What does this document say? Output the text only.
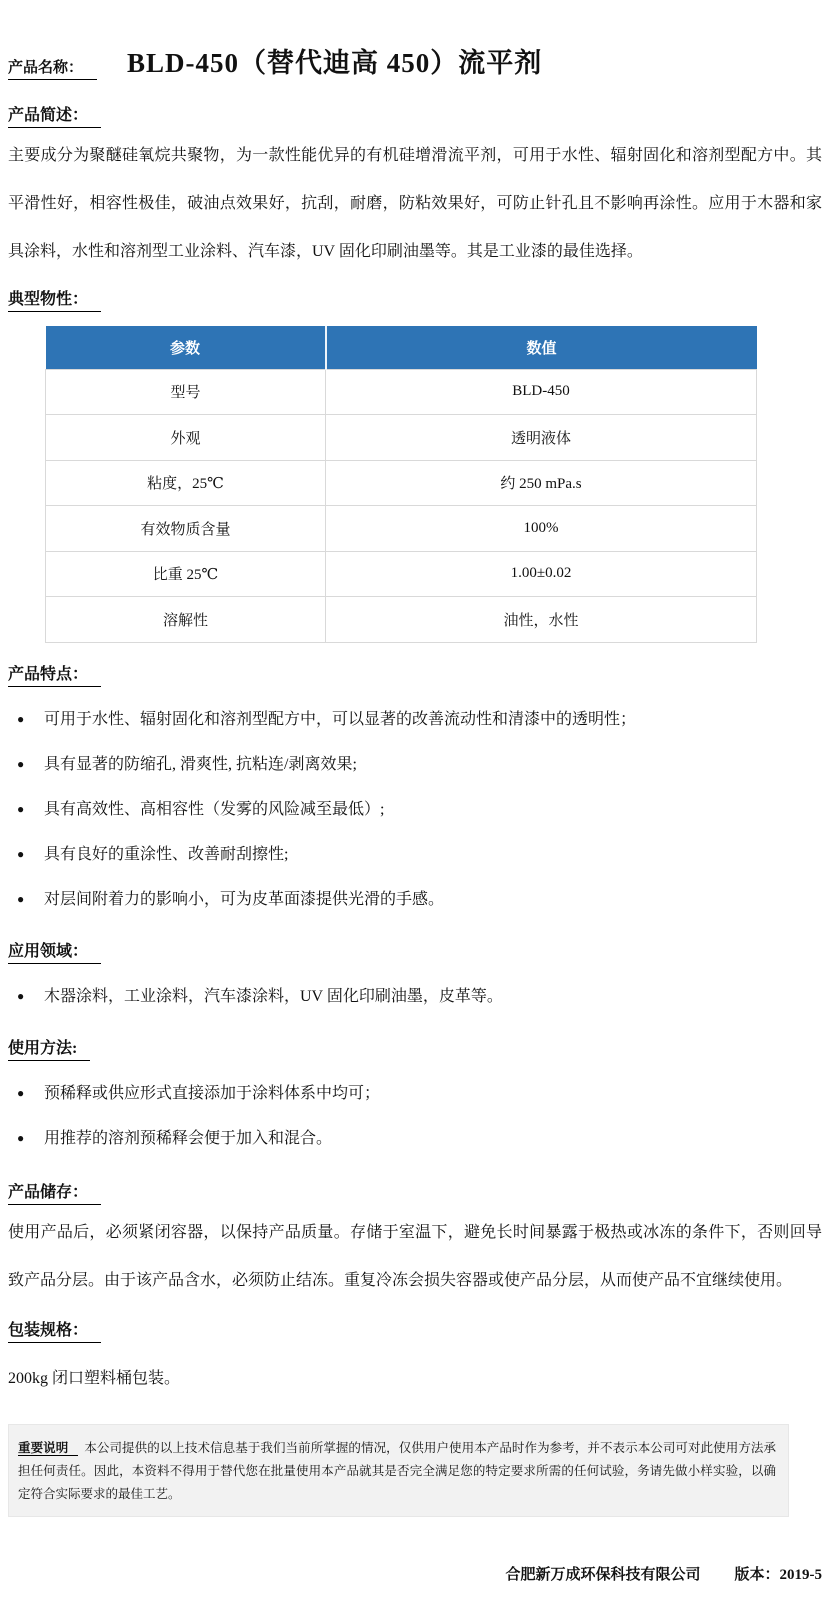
产品名称：	BLD-450（替代迪高 450）流平剂
产品简述：

主要成分为聚醚硅氧烷共聚物，为一款性能优异的有机硅增滑流平剂，可用于水性、辐射固化和溶剂型配方中。其平滑性好，相容性极佳，破油点效果好，抗刮，耐磨，防粘效果好，可防止针孔且不影响再涂性。应用于木器和家具涂料，水性和溶剂型工业涂料、汽车漆，UV 固化印刷油墨等。其是工业漆的最佳选择。

典型物性：
参数	数值
型号	BLD-450
外观	透明液体
粘度，25℃	约 250 mPa.s
有效物质含量	100%
比重 25℃	1.00±0.02
溶解性	油性，水性
产品特点：
● 可用于水性、辐射固化和溶剂型配方中，可以显著的改善流动性和清漆中的透明性；
● 具有显著的防缩孔, 滑爽性, 抗粘连/剥离效果;
● 具有高效性、高相容性（发雾的风险减至最低）;
● 具有良好的重涂性、改善耐刮擦性;
● 对层间附着力的影响小，可为皮革面漆提供光滑的手感。
应用领域：
● 木器涂料，工业涂料，汽车漆涂料，UV 固化印刷油墨，皮革等。
使用方法:
● 预稀释或供应形式直接添加于涂料体系中均可；
● 用推荐的溶剂预稀释会便于加入和混合。
产品储存：

使用产品后，必须紧闭容器，以保持产品质量。存储于室温下，避免长时间暴露于极热或冰冻的条件下，否则回导致产品分层。由于该产品含水，必须防止结冻。重复冷冻会损失容器或使产品分层，从而使产品不宜继续使用。

包装规格：
200kg 闭口塑料桶包装。
重要说明 本公司提供的以上技术信息基于我们当前所掌握的情况，仅供用户使用本产品时作为参考，并不表示本公司可对此使用方法承担任何责任。因此，本资料不得用于替代您在批量使用本产品就其是否完全满足您的特定要求所需的任何试验，务请先做小样实验，以确定符合实际要求的最佳工艺。
合肥新万成环保科技有限公司 版本：2019-5
